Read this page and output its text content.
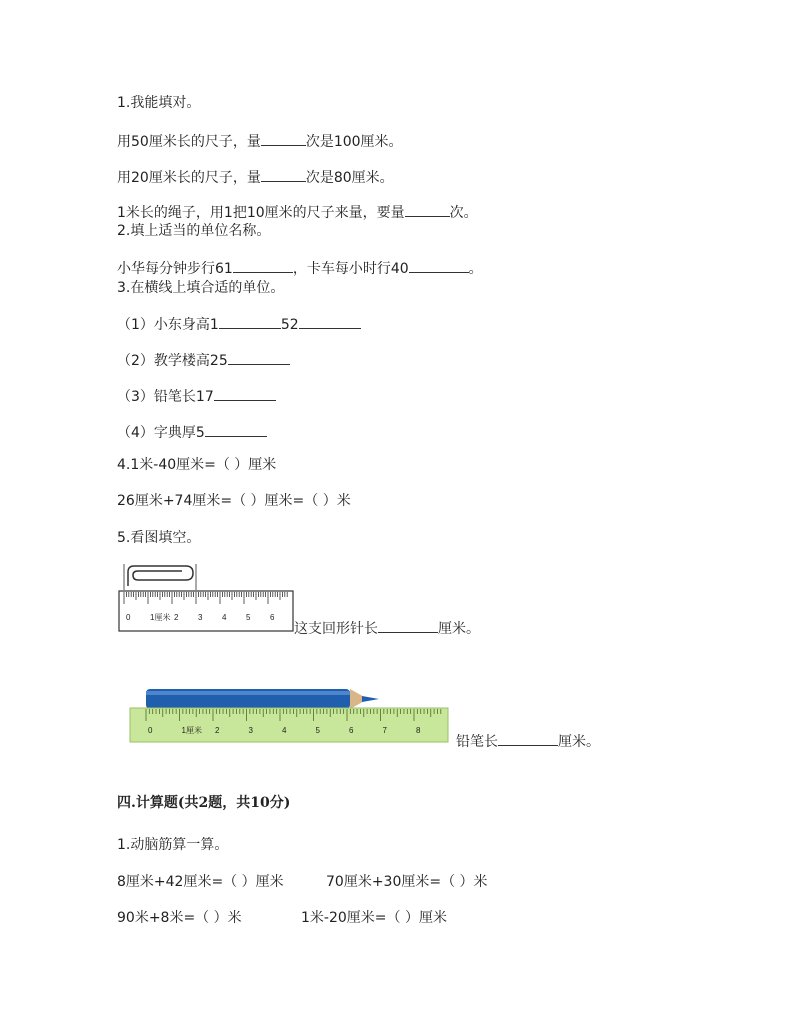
1.我能填对。
用50厘米长的尺子，量	次是100厘米。
用20厘米长的尺子，量	次是80厘米。
1米长的绳子，用1把10厘米的尺子来量，要量	次。
2.填上适当的单位名称。
小华每分钟步行61	，卡车每小时行40	。
3.在横线上填合适的单位。
（1）小东身高1	52
（2）教学楼高25
（3）铅笔长17
（4）字典厚5
4.1米-40厘米=（ ）厘米
26厘米+74厘米=（ ）厘米=（ ）米
5.看图填空。
0 1厘米 2 3 4 5 6
这支回形针长	厘米。
0	1厘米 2	3	4	5	6	7	8
铅笔长	厘米。
四.计算题(共2题，共10分)
1.动脑筋算一算。
8厘米+42厘米=（ ）厘米	70厘米+30厘米=（ ）米
90米+8米=（ ）米	1米-20厘米=（ ）厘米
